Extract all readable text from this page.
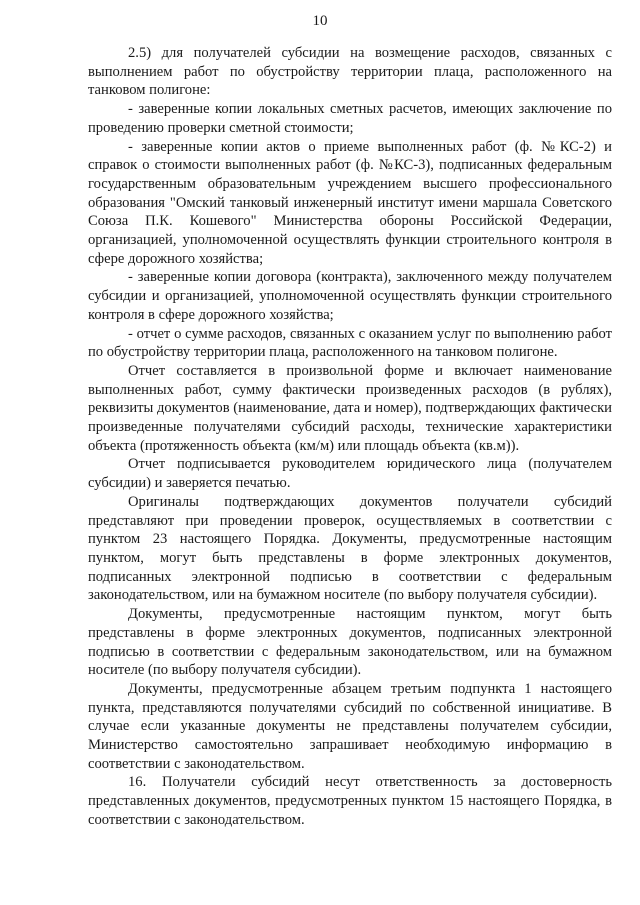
10

2.5) для получателей субсидии на возмещение расходов, связанных с выполнением работ по обустройству территории плаца, расположенного на танковом полигоне:

- заверенные копии локальных сметных расчетов, имеющих заключение по проведению проверки сметной стоимости;

- заверенные копии актов о приеме выполненных работ (ф. №КС-2) и справок о стоимости выполненных работ (ф. №КС-3), подписанных федеральным государственным образовательным учреждением высшего профессионального образования "Омский танковый инженерный институт имени маршала Советского Союза П.К. Кошевого" Министерства обороны Российской Федерации, организацией, уполномоченной осуществлять функции строительного контроля в сфере дорожного хозяйства;

- заверенные копии договора (контракта), заключенного между получателем субсидии и организацией, уполномоченной осуществлять функции строительного контроля в сфере дорожного хозяйства;

- отчет о сумме расходов, связанных с оказанием услуг по выполнению работ по обустройству территории плаца, расположенного на танковом полигоне.

Отчет составляется в произвольной форме и включает наименование выполненных работ, сумму фактически произведенных расходов (в рублях), реквизиты документов (наименование, дата и номер), подтверждающих фактически произведенные получателями субсидий расходы, технические характеристики объекта (протяженность объекта (км/м) или площадь объекта (кв.м)).

Отчет подписывается руководителем юридического лица (получателем субсидии) и заверяется печатью.

Оригиналы подтверждающих документов получатели субсидий представляют при проведении проверок, осуществляемых в соответствии с пунктом 23 настоящего Порядка. Документы, предусмотренные настоящим пунктом, могут быть представлены в форме электронных документов, подписанных электронной подписью в соответствии с федеральным законодательством, или на бумажном носителе (по выбору получателя субсидии).

Документы, предусмотренные настоящим пунктом, могут быть представлены в форме электронных документов, подписанных электронной подписью в соответствии с федеральным законодательством, или на бумажном носителе (по выбору получателя субсидии).

Документы, предусмотренные абзацем третьим подпункта 1 настоящего пункта, представляются получателями субсидий по собственной инициативе. В случае если указанные документы не представлены получателем субсидии, Министерство самостоятельно запрашивает необходимую информацию в соответствии с законодательством.

16. Получатели субсидий несут ответственность за достоверность представленных документов, предусмотренных пунктом 15 настоящего Порядка, в соответствии с законодательством.
